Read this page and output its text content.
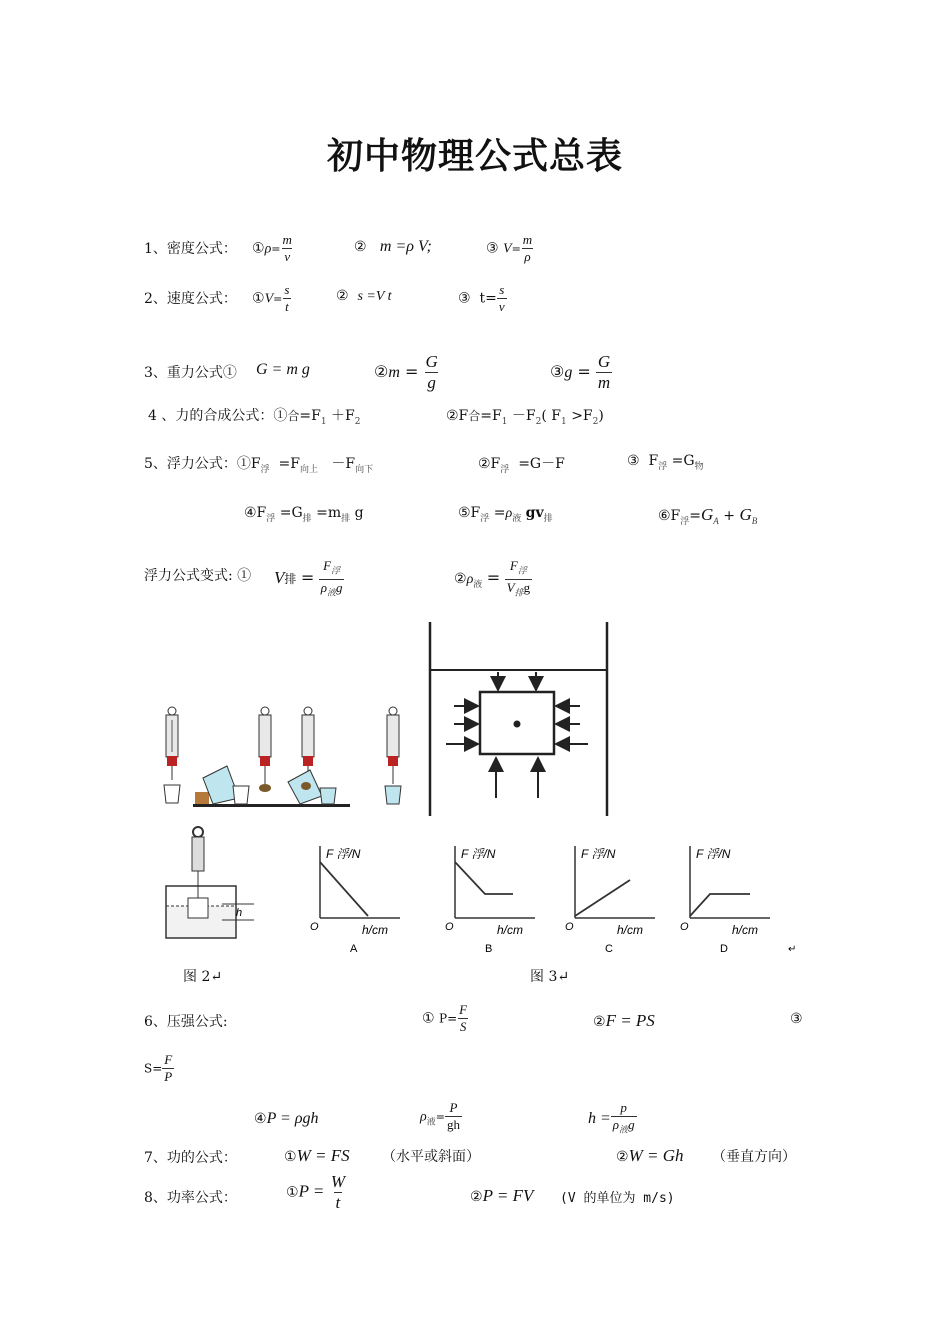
初中物理公式总表
1、密度公式： ①ρ= $\frac{m}{v}$	② m =ρ V;	③ $V= \frac{m}{\rho}$
2、速度公式： ①V= $\frac{s}{t}$	② s =V t	③ $t= \frac{s}{v}$
3、重力公式① G = m g	②m = $\frac{G}{g}$	③g = $\frac{G}{m}$
4 、力的合成公式：①合$=F_1 +F_2$	②F合$=F_1 -F_2$( $F_1 >F_2$)
5、浮力公式：$①F_浮 =F_{向上} -F_{向下}$	$②F_浮 =G-F$	③ $F_浮 =G_物$
$④F_浮 =G_排 =m_排$ g	$⑤F_浮 =\rho_液$ $gv_排$	$⑥F_浮=G_A + G_B$
浮力公式变式: ① V排 = $\frac{F_浮}{\rho_液g}$	$②\rho_液 = \frac{F_浮}{V_排g}$
h
F 浮/N
h/cm
O
A
F 浮/N
h/cm
O
B
F 浮/N
h/cm
O
C
F 浮/N
h/cm
O
D	↵
图 2↵	图 3↵
6、压强公式:	① $P= \frac{F}{S}$	②F = PS	③
$S= \frac{F}{P}$
④P = ρgh	$\rho_液= \frac{P}{gh}$	$h = \frac{p}{\rho_液g}$
7、功的公式：	①W = FS （水平或斜面）	②W = Gh （垂直方向）
8、功率公式：	①P = $\frac{W}{t}$	②P = FV (V 的单位为 m/s)
